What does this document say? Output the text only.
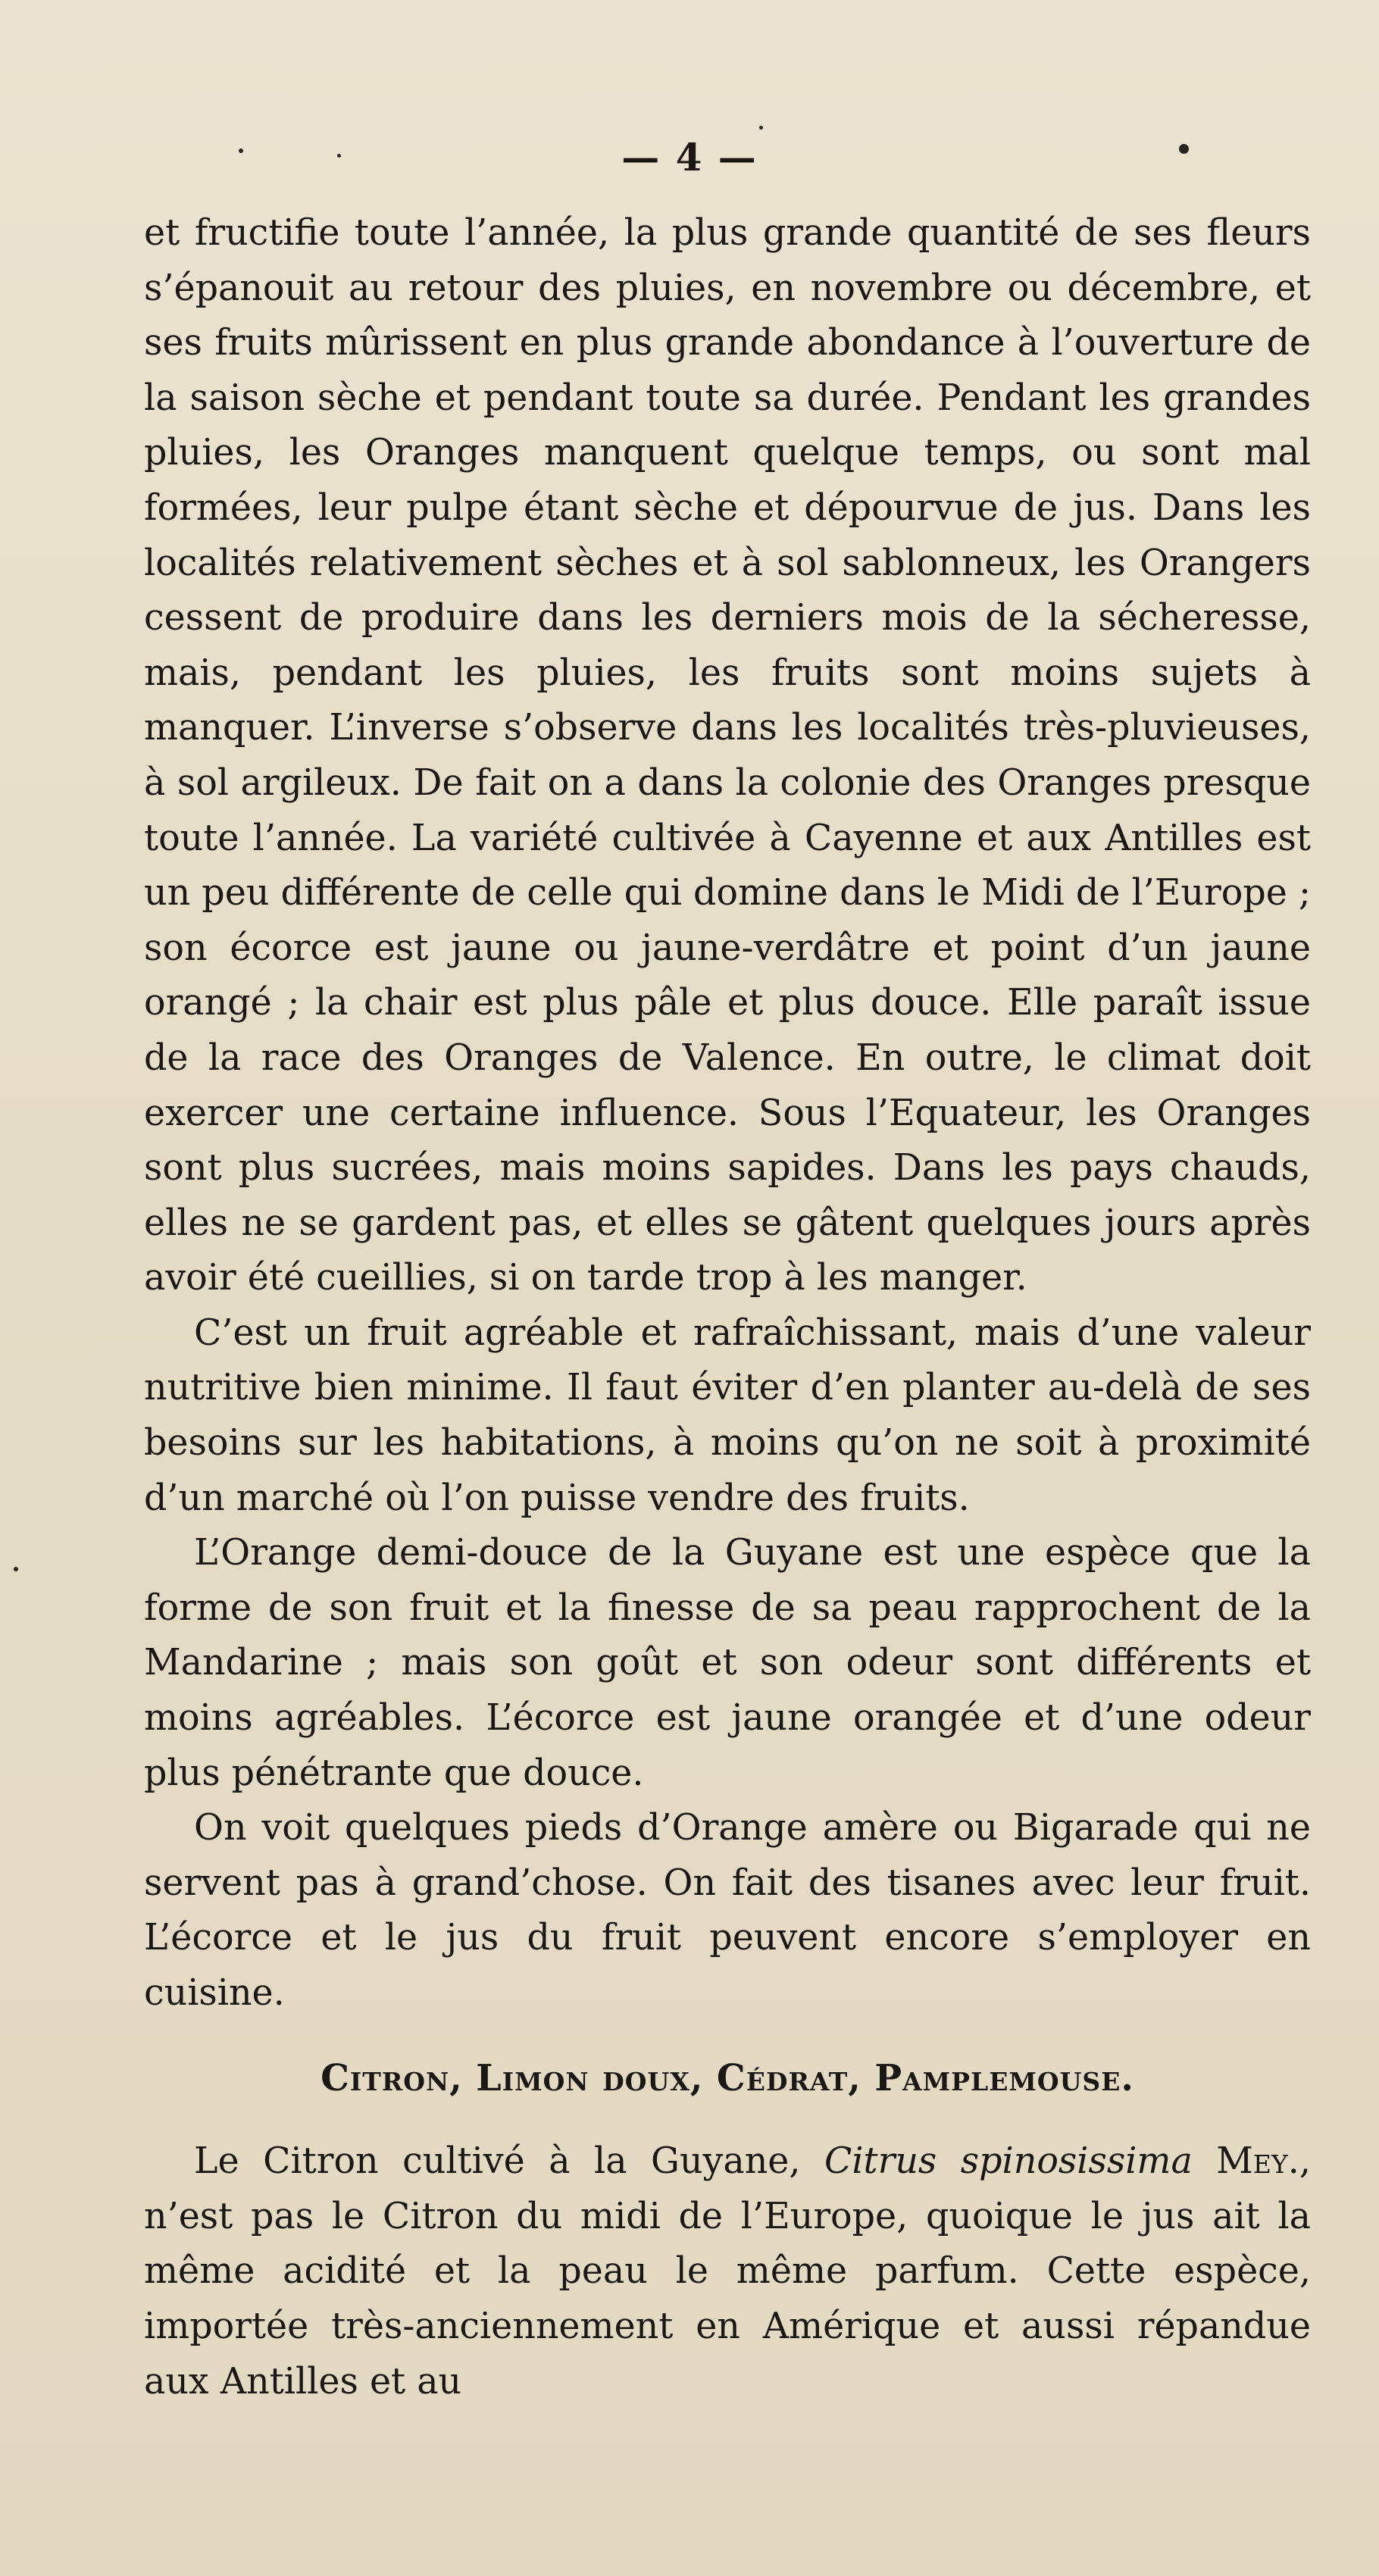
— 4 —

et fructifie toute l’année, la plus grande quantité de ses fleurs s’épanouit au retour des pluies, en novembre ou décembre, et ses fruits mûrissent en plus grande abondance à l’ouverture de la saison sèche et pendant toute sa durée. Pendant les grandes pluies, les Oranges manquent quelque temps, ou sont mal formées, leur pulpe étant sèche et dépourvue de jus. Dans les localités relativement sèches et à sol sablonneux, les Orangers cessent de produire dans les derniers mois de la sécheresse, mais, pendant les pluies, les fruits sont moins sujets à manquer. L’inverse s’observe dans les localités très-pluvieuses, à sol argileux. De fait on a dans la colonie des Oranges presque toute l’année. La variété cultivée à Cayenne et aux Antilles est un peu différente de celle qui domine dans le Midi de l’Europe ; son écorce est jaune ou jaune-verdâtre et point d’un jaune orangé ; la chair est plus pâle et plus douce. Elle paraît issue de la race des Oranges de Valence. En outre, le climat doit exercer une certaine influence. Sous l’Equateur, les Oranges sont plus sucrées, mais moins sapides. Dans les pays chauds, elles ne se gardent pas, et elles se gâtent quelques jours après avoir été cueillies, si on tarde trop à les manger.

C’est un fruit agréable et rafraîchissant, mais d’une valeur nutritive bien minime. Il faut éviter d’en planter au-delà de ses besoins sur les habitations, à moins qu’on ne soit à proximité d’un marché où l’on puisse vendre des fruits.

L’Orange demi-douce de la Guyane est une espèce que la forme de son fruit et la finesse de sa peau rapprochent de la Mandarine ; mais son goût et son odeur sont différents et moins agréables. L’écorce est jaune orangée et d’une odeur plus pénétrante que douce.

On voit quelques pieds d’Orange amère ou Bigarade qui ne servent pas à grand’chose. On fait des tisanes avec leur fruit. L’écorce et le jus du fruit peuvent encore s’employer en cuisine.

Citron, Limon doux, Cédrat, Pamplemouse.

Le Citron cultivé à la Guyane, Citrus spinosissima Mey., n’est pas le Citron du midi de l’Europe, quoique le jus ait la même acidité et la peau le même parfum. Cette espèce, importée très-anciennement en Amérique et aussi répandue aux Antilles et au
